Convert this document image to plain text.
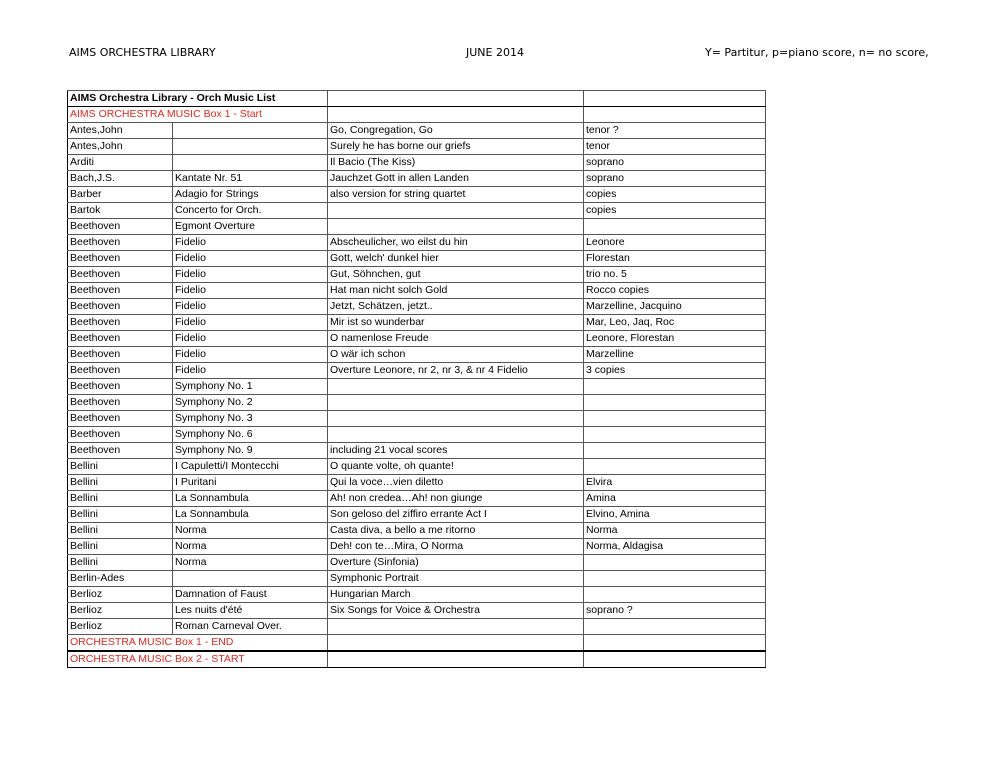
AIMS ORCHESTRA LIBRARY	JUNE 2014	Y= Partitur, p=piano score, n= no score,
AIMS Orchestra Library - Orch Music List			
AIMS ORCHESTRA MUSIC Box 1 - Start			
Antes,John		Go, Congregation, Go	tenor ?
Antes,John		Surely he has borne our griefs	tenor
Arditi		Il Bacio (The Kiss)	soprano
Bach,J.S.	Kantate Nr. 51	Jauchzet Gott in allen Landen	soprano
Barber	Adagio for Strings	also version for string quartet	copies
Bartok	Concerto for Orch.		copies
Beethoven	Egmont Overture		
Beethoven	Fidelio	Abscheulicher, wo eilst du hin	Leonore
Beethoven	Fidelio	Gott, welch' dunkel hier	Florestan
Beethoven	Fidelio	Gut, Söhnchen, gut	trio no. 5
Beethoven	Fidelio	Hat man nicht solch Gold	Rocco copies
Beethoven	Fidelio	Jetzt, Schätzen, jetzt..	Marzelline, Jacquino
Beethoven	Fidelio	Mir ist so wunderbar	Mar, Leo, Jaq, Roc
Beethoven	Fidelio	O namenlose Freude	Leonore, Florestan
Beethoven	Fidelio	O wär ich schon	Marzelline
Beethoven	Fidelio	Overture Leonore, nr 2, nr 3, & nr 4 Fidelio	3 copies
Beethoven	Symphony No. 1		
Beethoven	Symphony No. 2		
Beethoven	Symphony No. 3		
Beethoven	Symphony No. 6		
Beethoven	Symphony No. 9	including 21 vocal scores	
Bellini	I Capuletti/I Montecchi	O quante volte, oh quante!	
Bellini	I Puritani	Qui la voce…vien diletto	Elvira
Bellini	La Sonnambula	Ah! non credea…Ah! non giunge	Amina
Bellini	La Sonnambula	Son geloso del ziffiro errante Act I	Elvino, Amina
Bellini	Norma	Casta diva, a bello a me ritorno	Norma
Bellini	Norma	Deh! con te…Mira, O Norma	Norma, Aldagisa
Bellini	Norma	Overture (Sinfonia)	
Berlin-Ades		Symphonic Portrait	
Berlioz	Damnation of Faust	Hungarian March	
Berlioz	Les nuits d'été	Six Songs for Voice & Orchestra	soprano ?
Berlioz	Roman Carneval Over.		
ORCHESTRA MUSIC Box 1 - END			
ORCHESTRA MUSIC Box 2 - START			
